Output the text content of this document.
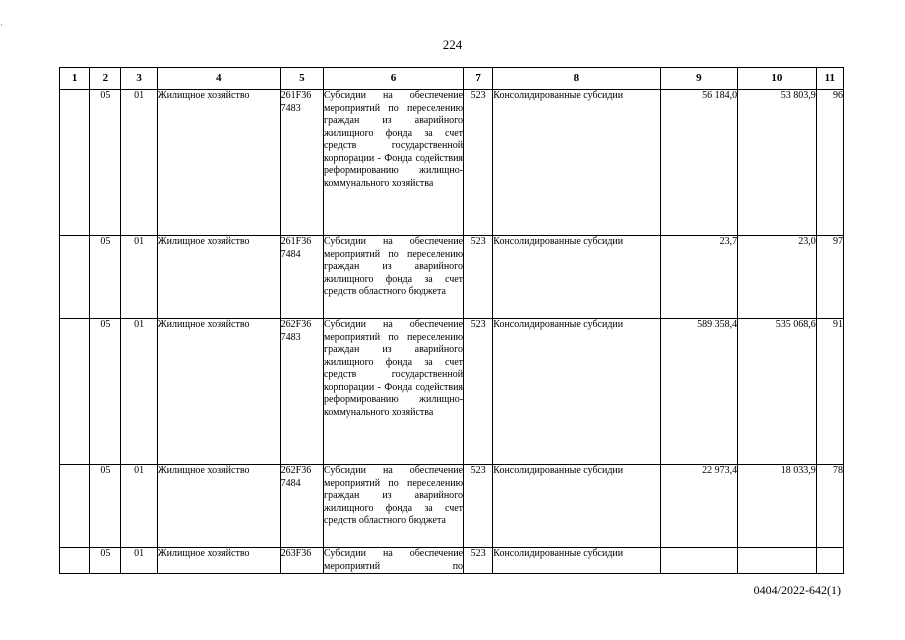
·
224
1	2	3	4	5	6	7	8	9	10	11
	05	01	Жилищное хозяйство	261F36 7483	Субсидии на обеспечение мероприятий по переселению граждан из аварийного жилищного фонда за счет средств государственной корпорации - Фонда содействия реформированию жилищно-коммунального хозяйства	523	Консолидированные субсидии	56 184,0	53 803,9	96
	05	01	Жилищное хозяйство	261F36 7484	Субсидии на обеспечение мероприятий по переселению граждан из аварийного жилищного фонда за счет средств областного бюджета	523	Консолидированные субсидии	23,7	23,0	97
	05	01	Жилищное хозяйство	262F36 7483	Субсидии на обеспечение мероприятий по переселению граждан из аварийного жилищного фонда за счет средств государственной корпорации - Фонда содействия реформированию жилищно-коммунального хозяйства	523	Консолидированные субсидии	589 358,4	535 068,6	91
	05	01	Жилищное хозяйство	262F36 7484	Субсидии на обеспечение мероприятий по переселению граждан из аварийного жилищного фонда за счет средств областного бюджета	523	Консолидированные субсидии	22 973,4	18 033,9	78
	05	01	Жилищное хозяйство	263F36	Субсидии на обеспечение мероприятий по	523	Консолидированные субсидии			
0404/2022-642(1)
